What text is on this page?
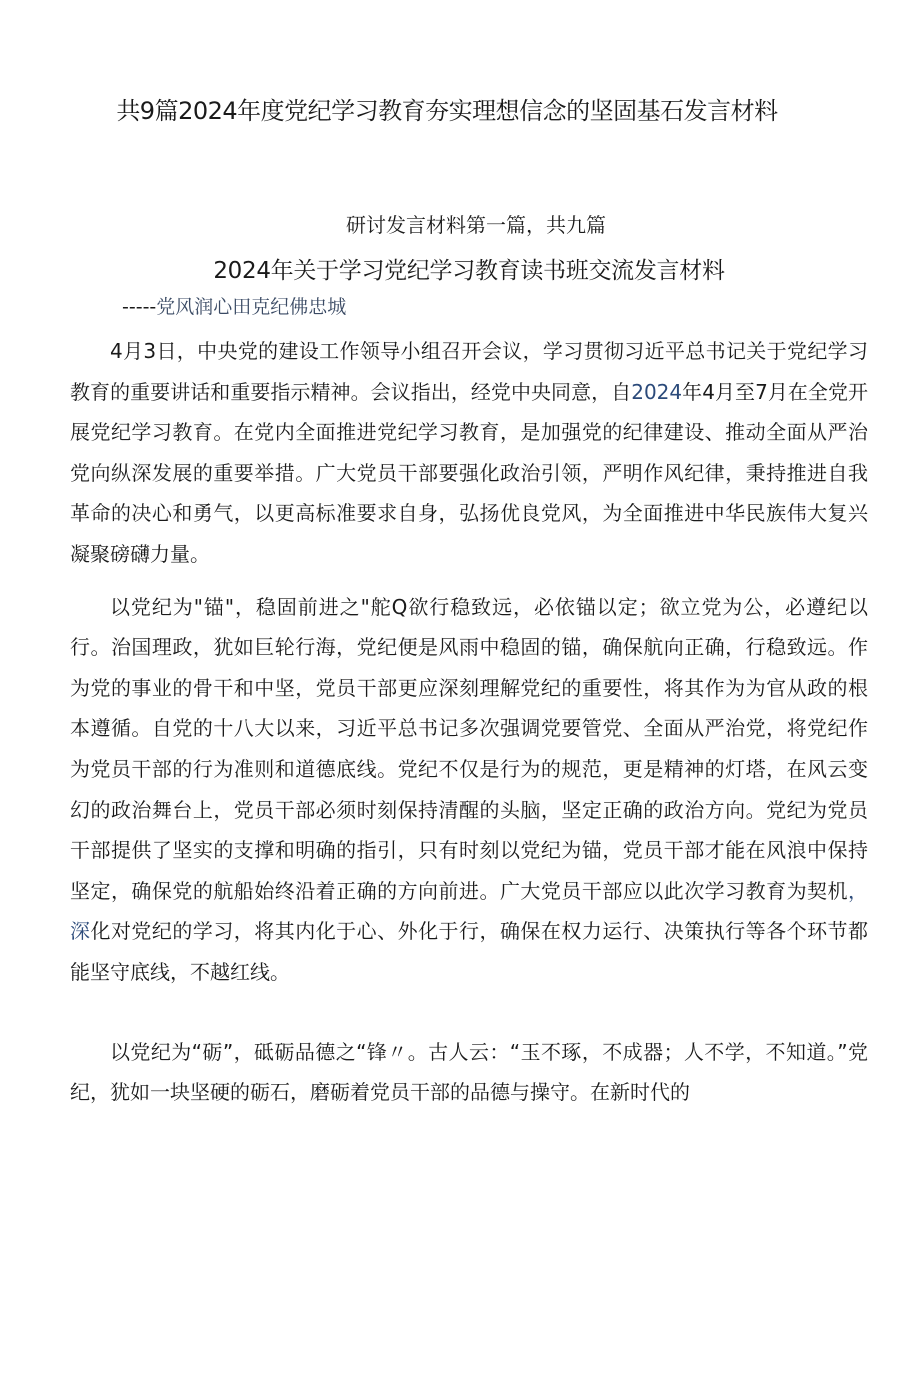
共9篇2024年度党纪学习教育夯实理想信念的坚固基石发言材料
研讨发言材料第一篇，共九篇
2024年关于学习党纪学习教育读书班交流发言材料
-----党风润心田克纪佛忠城

4月3日，中央党的建设工作领导小组召开会议，学习贯彻习近平总书记关于党纪学习教育的重要讲话和重要指示精神。会议指出，经党中央同意，自2024年4月至7月在全党开展党纪学习教育。在党内全面推进党纪学习教育，是加强党的纪律建设、推动全面从严治党向纵深发展的重要举措。广大党员干部要强化政治引领，严明作风纪律，秉持推进自我革命的决心和勇气，以更高标准要求自身，弘扬优良党风，为全面推进中华民族伟大复兴凝聚磅礴力量。

以党纪为"锚"，稳固前进之"舵Q欲行稳致远，必依锚以定；欲立党为公，必遵纪以行。治国理政，犹如巨轮行海，党纪便是风雨中稳固的锚，确保航向正确，行稳致远。作为党的事业的骨干和中坚，党员干部更应深刻理解党纪的重要性，将其作为为官从政的根本遵循。自党的十八大以来，习近平总书记多次强调党要管党、全面从严治党，将党纪作为党员干部的行为准则和道德底线。党纪不仅是行为的规范，更是精神的灯塔，在风云变幻的政治舞台上，党员干部必须时刻保持清醒的头脑，坚定正确的政治方向。党纪为党员干部提供了坚实的支撑和明确的指引，只有时刻以党纪为锚，党员干部才能在风浪中保持坚定，确保党的航船始终沿着正确的方向前进。广大党员干部应以此次学习教育为契机，深化对党纪的学习，将其内化于心、外化于行，确保在权力运行、决策执行等各个环节都能坚守底线，不越红线。

以党纪为“砺”，砥砺品德之“锋〃。古人云：“玉不琢，不成器；人不学，不知道。”党纪，犹如一块坚硬的砺石，磨砺着党员干部的品德与操守。在新时代的
